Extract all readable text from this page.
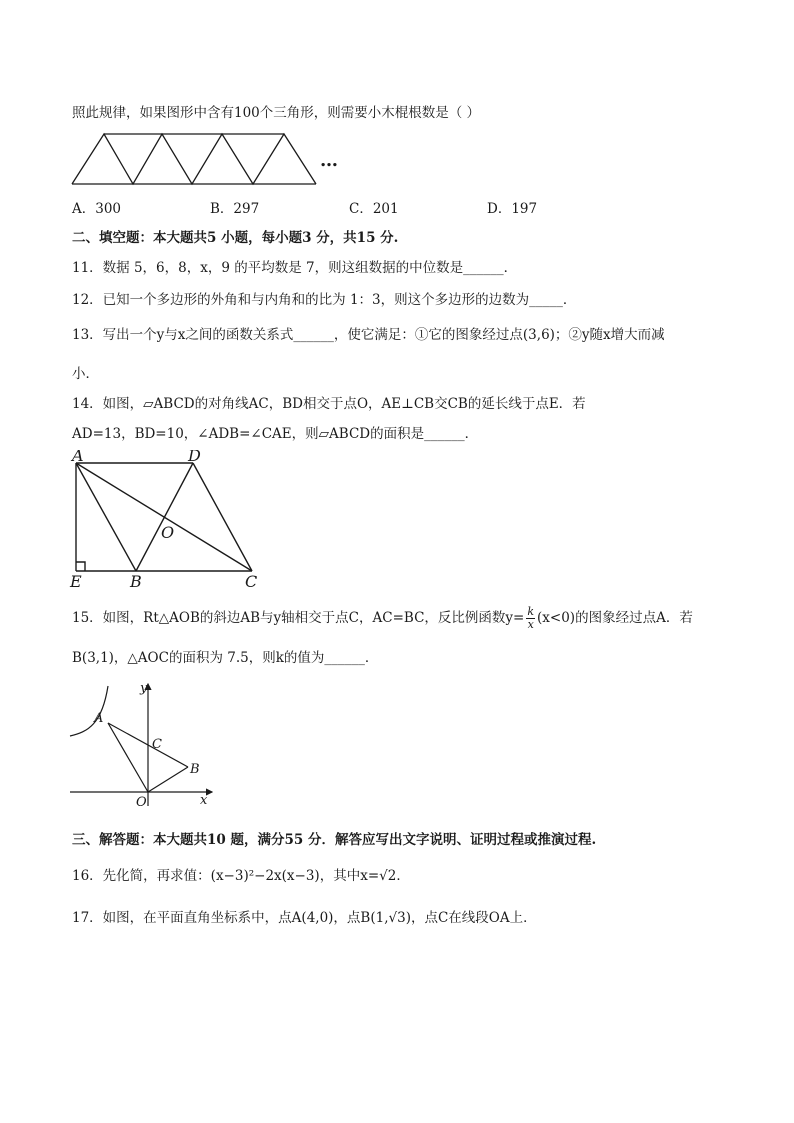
照此规律，如果图形中含有100个三角形，则需要小木棍根数是（ ）
…
A．300	B．297	C．201	D．197
二、填空题：本大题共5 小题，每小题3 分，共15 分.
11．数据 5，6，8，x，9 的平均数是 7，则这组数据的中位数是______．
12．已知一个多边形的外角和与内角和的比为 1：3，则这个多边形的边数为_____．
13．写出一个y与x之间的函数关系式______，使它满足：①它的图象经过点(3,6)；②y随x增大而减
小．
14．如图，▱ABCD的对角线AC，BD相交于点O，AE⊥CB交CB的延长线于点E．若
AD=13，BD=10，∠ADB=∠CAE，则▱ABCD的面积是______．
A	D
O
E	B	C
15．如图，Rt△AOB的斜边AB与y轴相交于点C，AC=BC，反比例函数$y= \frac{k}{x} (x<0)$的图象经过点A．若
B(3,1)，△AOC的面积为 7.5，则k的值为______．
y
x
A
C
B
O
三、解答题：本大题共10 题，满分55 分．解答应写出文字说明、证明过程或推演过程.
16．先化简，再求值：(x−3)²−2x(x−3)，其中x=√2．
17．如图，在平面直角坐标系中，点A(4,0)，点B(1,√3)，点C在线段OA上．
